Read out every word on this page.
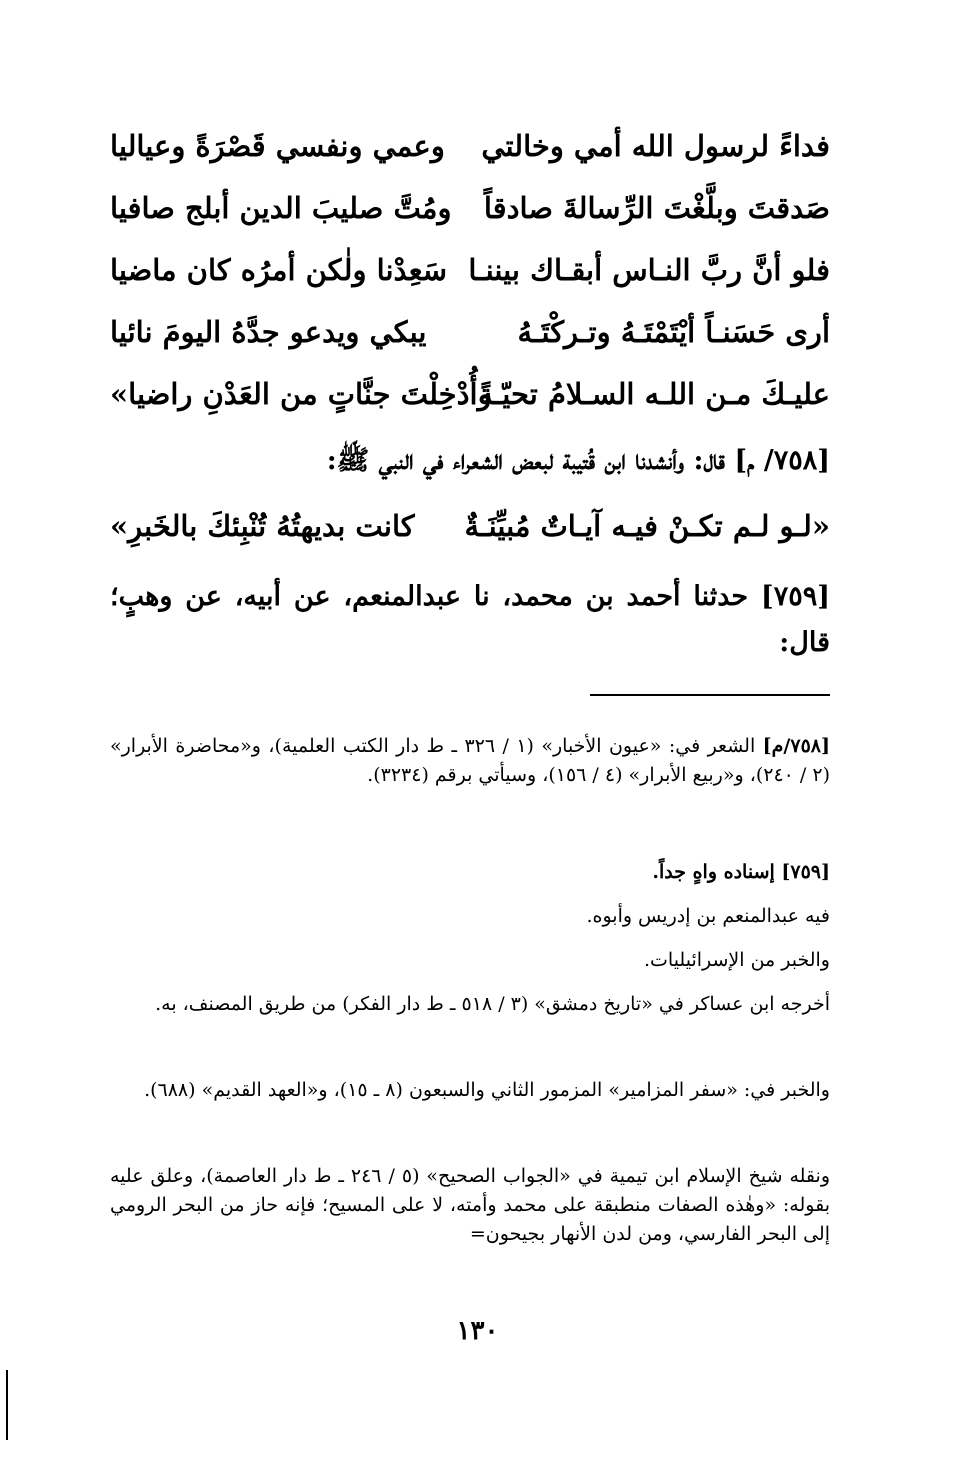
فداءً لرسول الله أمي وخالتي
وعمي ونفسي قَصْرَةً وعياليا
صَدقتَ وبلَّغْتَ الرِّسالةَ صادقاً
ومُتَّ صليبَ الدين أبلج صافيا
فلو أنَّ ربَّ النـاس أبقـاك بيننـا
سَعِدْنا ولٰكن أمرُه كان ماضيا
أرى حَسَنـاً أيْتَمْتَـهُ وتـركْتَـهُ
يبكي ويدعو جدَّهُ اليومَ نائيا
عليـكَ مـن اللـه السـلامُ تحيّـةً
وأُدْخِلْتَ جنَّاتٍ من العَدْنِ راضيا»
[٧٥٨/ م] قال: وأنشدنا ابن قُتيبة لبعض الشعراء في النبي ﷺ:
«لـو لـم تكـنْ فيـه آيـاتٌ مُبيِّنَـةٌ
كانت بديهتُهُ تُنْبِئكَ بالخَبرِ»
[٧٥٩] حدثنا أحمد بن محمد، نا عبدالمنعم، عن أبيه، عن وهبٍ؛ قال:
[٧٥٨/م] الشعر في: «عيون الأخبار» (١ / ٣٢٦ ـ ط دار الكتب العلمية)، و«محاضرة الأبرار» (٢ / ٢٤٠)، و«ربيع الأبرار» (٤ / ١٥٦)، وسيأتي برقم (٣٢٣٤).
[٧٥٩] إسناده واهٍ جداً.
فيه عبدالمنعم بن إدريس وأبوه.
والخبر من الإسرائيليات.
أخرجه ابن عساكر في «تاريخ دمشق» (٣ / ٥١٨ ـ ط دار الفكر) من طريق المصنف، به.
والخبر في: «سفر المزامير» المزمور الثاني والسبعون (٨ ـ ١٥)، و«العهد القديم» (٦٨٨).
ونقله شيخ الإسلام ابن تيمية في «الجواب الصحيح» (٥ / ٢٤٦ ـ ط دار العاصمة)، وعلق عليه بقوله: «وهٰذه الصفات منطبقة على محمد وأمته، لا على المسيح؛ فإنه حاز من البحر الرومي إلى البحر الفارسي، ومن لدن الأنهار بجيحون=
١٣٠
